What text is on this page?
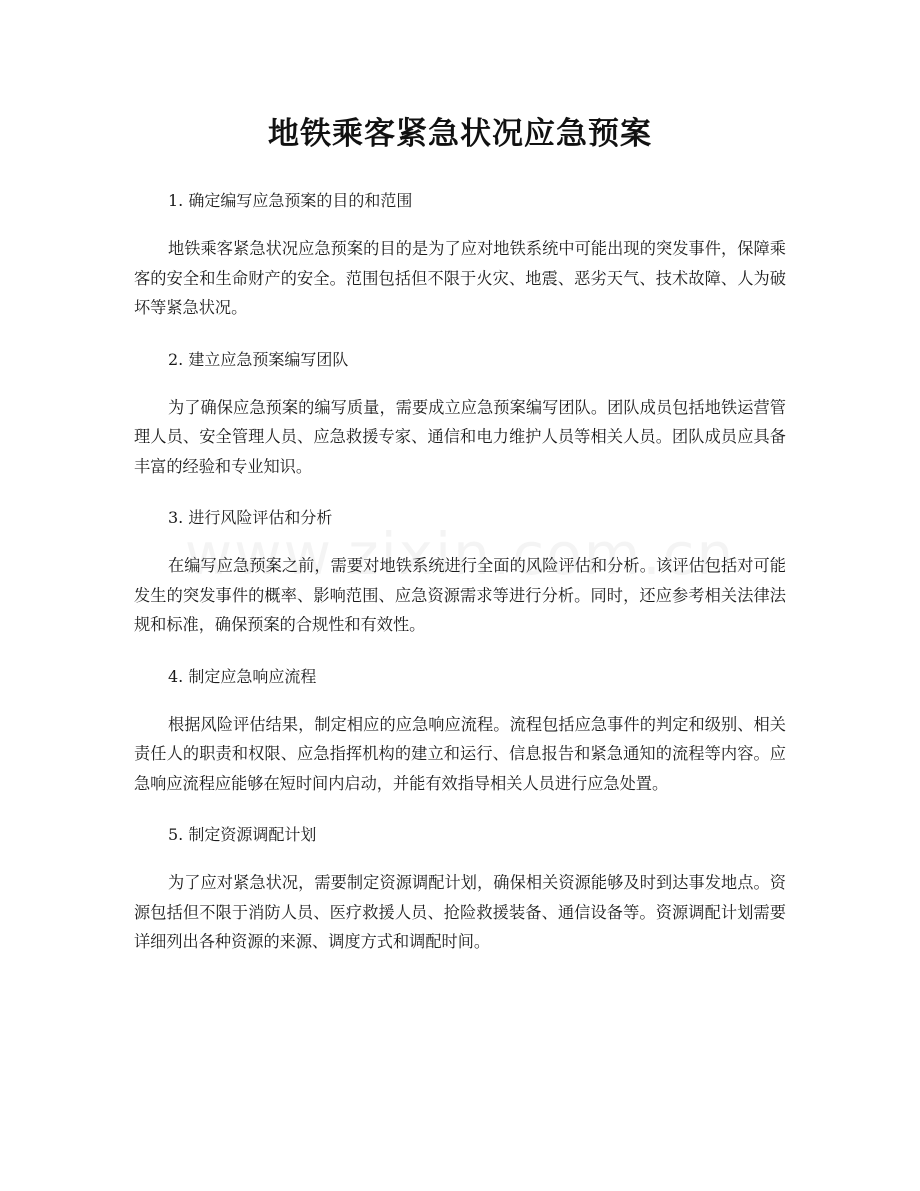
地铁乘客紧急状况应急预案

1. 确定编写应急预案的目的和范围

地铁乘客紧急状况应急预案的目的是为了应对地铁系统中可能出现的突发事件，保障乘客的安全和生命财产的安全。范围包括但不限于火灾、地震、恶劣天气、技术故障、人为破坏等紧急状况。

2. 建立应急预案编写团队

为了确保应急预案的编写质量，需要成立应急预案编写团队。团队成员包括地铁运营管理人员、安全管理人员、应急救援专家、通信和电力维护人员等相关人员。团队成员应具备丰富的经验和专业知识。

3. 进行风险评估和分析

在编写应急预案之前，需要对地铁系统进行全面的风险评估和分析。该评估包括对可能发生的突发事件的概率、影响范围、应急资源需求等进行分析。同时，还应参考相关法律法规和标准，确保预案的合规性和有效性。

4. 制定应急响应流程

根据风险评估结果，制定相应的应急响应流程。流程包括应急事件的判定和级别、相关责任人的职责和权限、应急指挥机构的建立和运行、信息报告和紧急通知的流程等内容。应急响应流程应能够在短时间内启动，并能有效指导相关人员进行应急处置。

5. 制定资源调配计划

为了应对紧急状况，需要制定资源调配计划，确保相关资源能够及时到达事发地点。资源包括但不限于消防人员、医疗救援人员、抢险救援装备、通信设备等。资源调配计划需要详细列出各种资源的来源、调度方式和调配时间。
